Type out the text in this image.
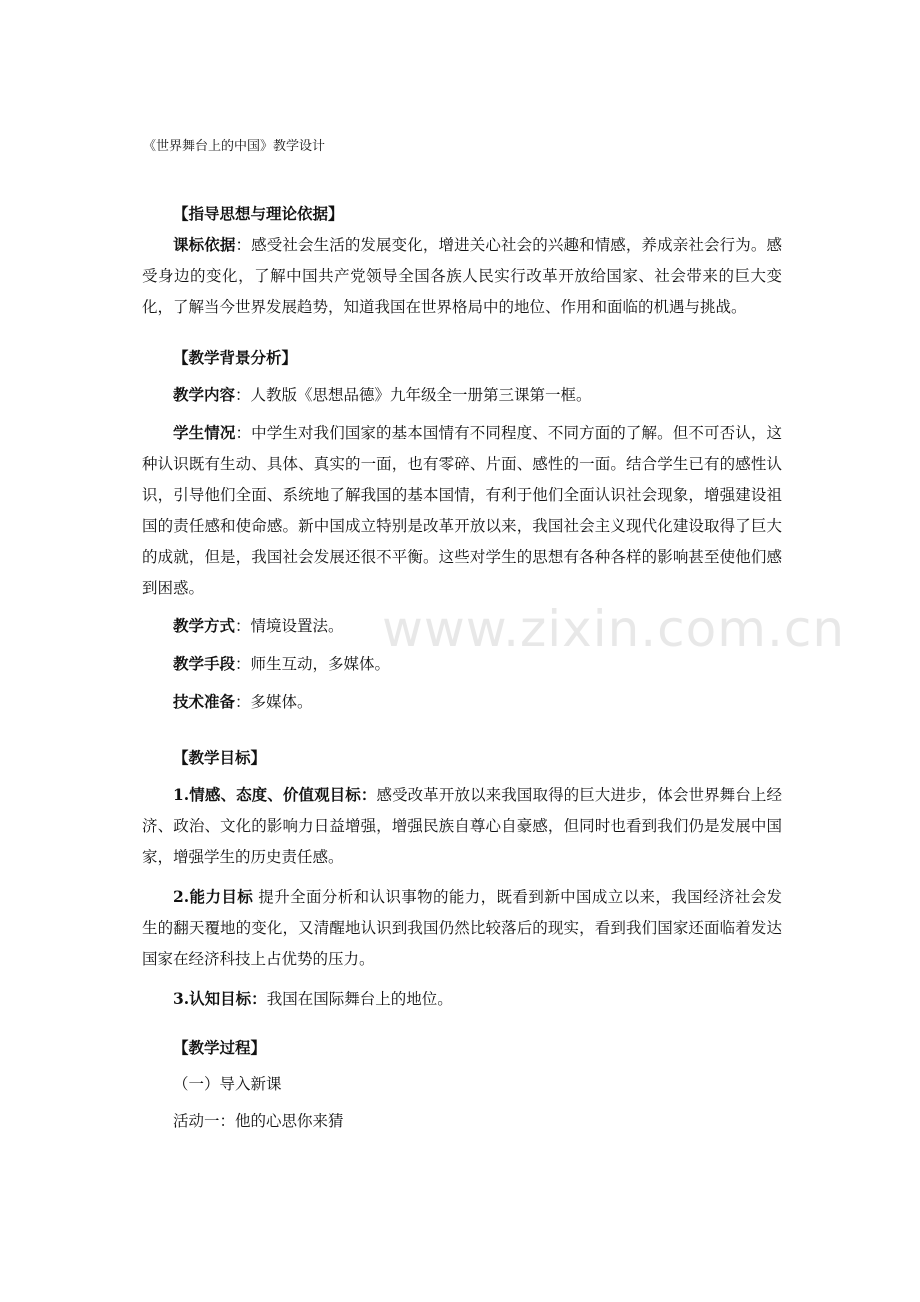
《世界舞台上的中国》教学设计
【指导思想与理论依据】

课标依据：感受社会生活的发展变化，增进关心社会的兴趣和情感，养成亲社会行为。感受身边的变化，了解中国共产党领导全国各族人民实行改革开放给国家、社会带来的巨大变化，了解当今世界发展趋势，知道我国在世界格局中的地位、作用和面临的机遇与挑战。

【教学背景分析】

教学内容：人教版《思想品德》九年级全一册第三课第一框。

学生情况：中学生对我们国家的基本国情有不同程度、不同方面的了解。但不可否认，这种认识既有生动、具体、真实的一面，也有零碎、片面、感性的一面。结合学生已有的感性认识，引导他们全面、系统地了解我国的基本国情，有利于他们全面认识社会现象，增强建设祖国的责任感和使命感。新中国成立特别是改革开放以来，我国社会主义现代化建设取得了巨大的成就，但是，我国社会发展还很不平衡。这些对学生的思想有各种各样的影响甚至使他们感到困惑。

教学方式：情境设置法。

教学手段：师生互动，多媒体。

技术准备：多媒体。

【教学目标】

1.情感、态度、价值观目标：感受改革开放以来我国取得的巨大进步，体会世界舞台上经济、政治、文化的影响力日益增强，增强民族自尊心自豪感，但同时也看到我们仍是发展中国家，增强学生的历史责任感。

2.能力目标 提升全面分析和认识事物的能力，既看到新中国成立以来，我国经济社会发生的翻天覆地的变化，又清醒地认识到我国仍然比较落后的现实，看到我们国家还面临着发达国家在经济科技上占优势的压力。

3.认知目标：我国在国际舞台上的地位。

【教学过程】

（一）导入新课

活动一：他的心思你来猜

www.zixin.com.cn
